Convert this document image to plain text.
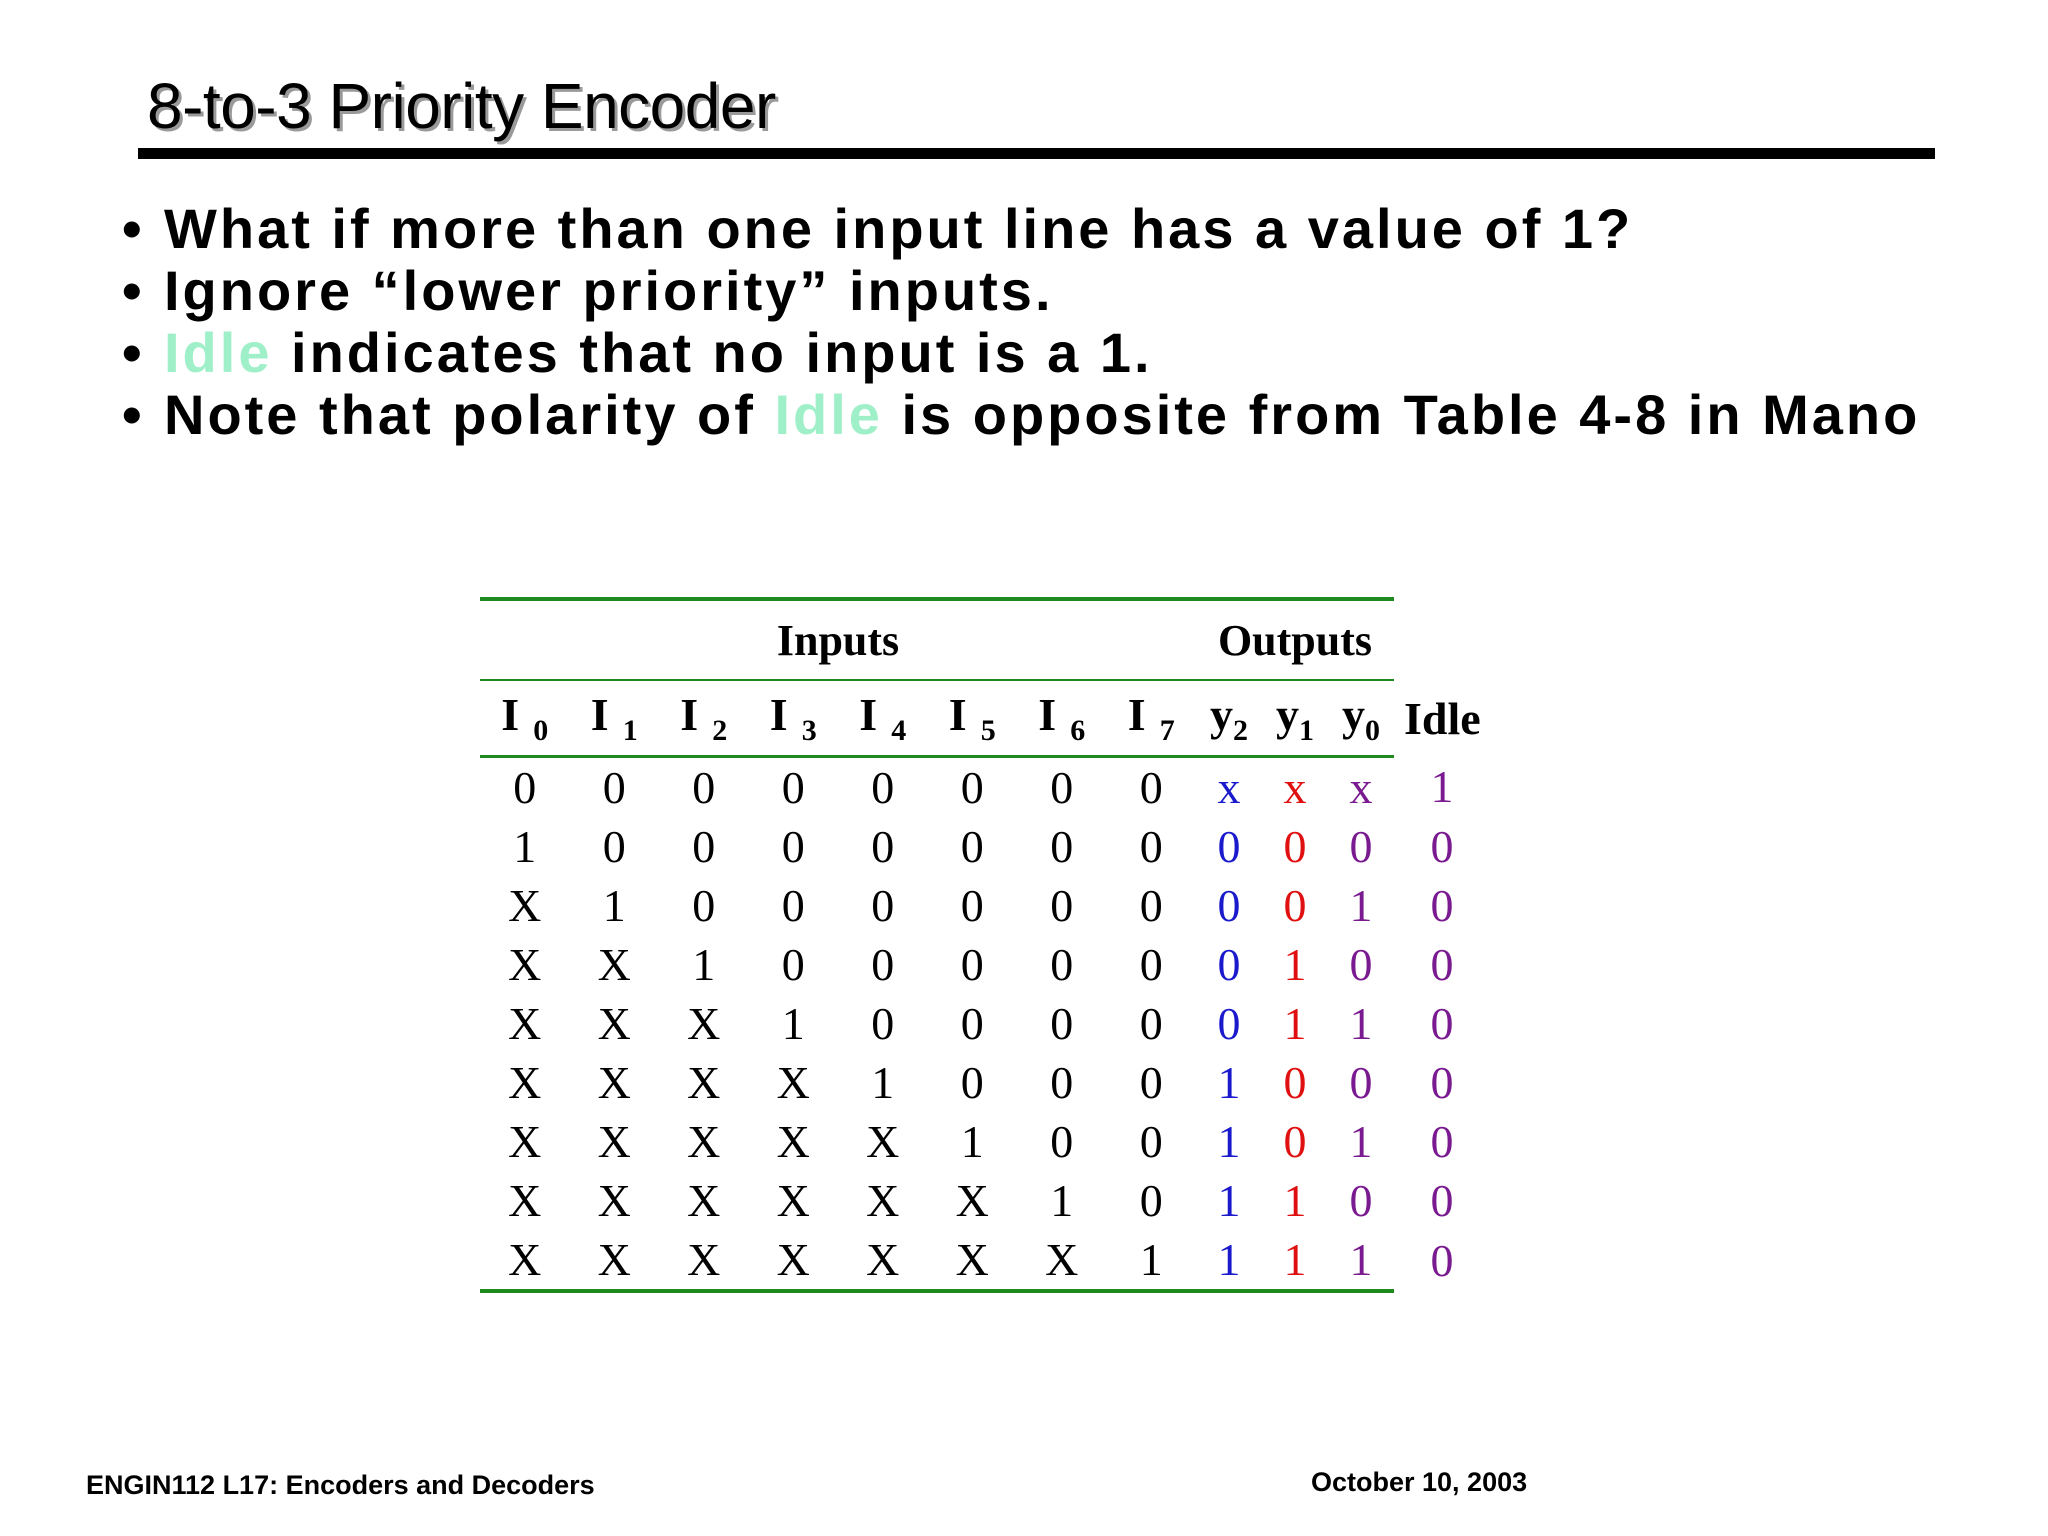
8-to-3 Priority Encoder
• What if more than one input line has a value of 1?
• Ignore “lower priority” inputs.
• Idle indicates that no input is a 1.
• Note that polarity of Idle is opposite from Table 4-8 in Mano
Inputs								Outputs			
I $_0$	I $_1$	I $_2$	I $_3$	I $_4$	I $_5$	I $_6$	I $_7$	$y_2$	$y_1$	$y_0$	Idle
0	0	0	0	0	0	0	0	x	x	x	1
1	0	0	0	0	0	0	0	0	0	0	0
X	1	0	0	0	0	0	0	0	0	1	0
X	X	1	0	0	0	0	0	0	1	0	0
X	X	X	1	0	0	0	0	0	1	1	0
X	X	X	X	1	0	0	0	1	0	0	0
X	X	X	X	X	1	0	0	1	0	1	0
X	X	X	X	X	X	1	0	1	1	0	0
X	X	X	X	X	X	X	1	1	1	1	0
ENGIN112 L17: Encoders and Decoders	October 10, 2003
